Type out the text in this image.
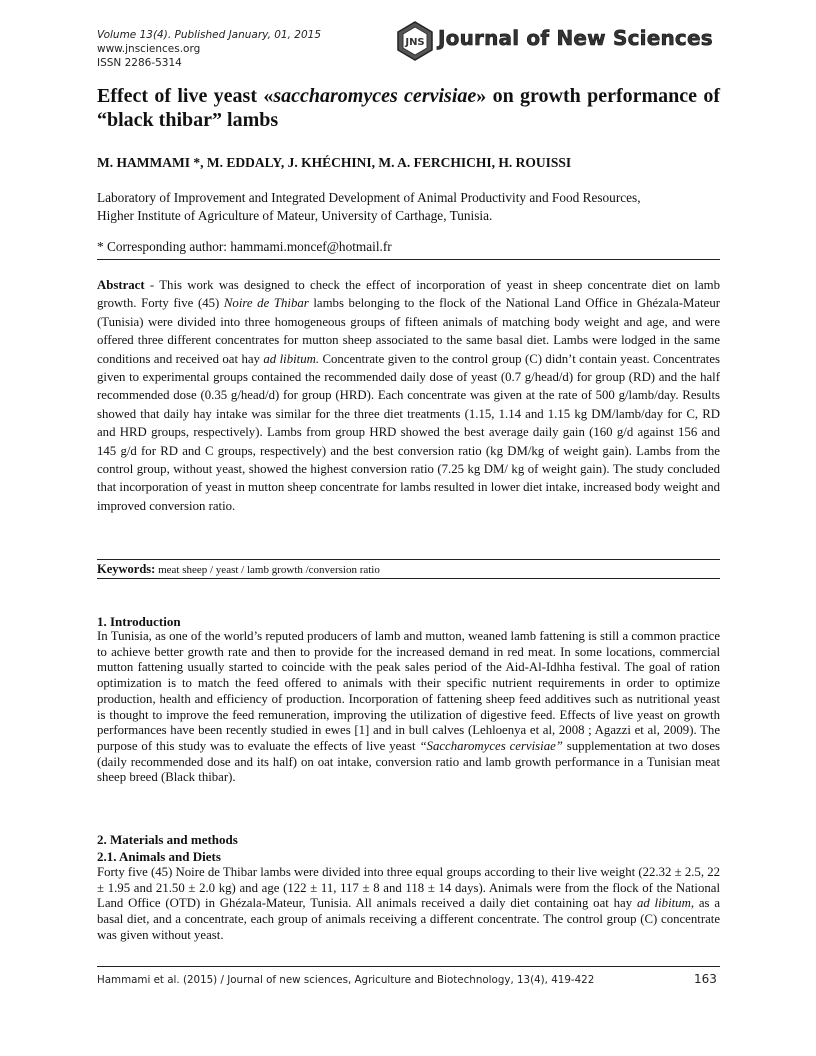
Volume 13(4). Published January, 01, 2015
www.jnsciences.org
ISSN 2286-5314
JNS Journal of New Sciences
Effect of live yeast «saccharomyces cervisiae» on growth performance of “black thibar” lambs
M. HAMMAMI *, M. EDDALY, J. KHÉCHINI, M. A. FERCHICHI, H. ROUISSI
Laboratory of Improvement and Integrated Development of Animal Productivity and Food Resources,
Higher Institute of Agriculture of Mateur, University of Carthage, Tunisia.
* Corresponding author: hammami.moncef@hotmail.fr
Abstract - This work was designed to check the effect of incorporation of yeast in sheep concentrate diet on lamb growth. Forty five (45) Noire de Thibar lambs belonging to the flock of the National Land Office in Ghézala-Mateur (Tunisia) were divided into three homogeneous groups of fifteen animals of matching body weight and age, and were offered three different concentrates for mutton sheep associated to the same basal diet. Lambs were lodged in the same conditions and received oat hay ad libitum. Concentrate given to the control group (C) didn’t contain yeast. Concentrates given to experimental groups contained the recommended daily dose of yeast (0.7 g/head/d) for group (RD) and the half recommended dose (0.35 g/head/d) for group (HRD). Each concentrate was given at the rate of 500 g/lamb/day. Results showed that daily hay intake was similar for the three diet treatments (1.15, 1.14 and 1.15 kg DM/lamb/day for C, RD and HRD groups, respectively). Lambs from group HRD showed the best average daily gain (160 g/d against 156 and 145 g/d for RD and C groups, respectively) and the best conversion ratio (kg DM/kg of weight gain). Lambs from the control group, without yeast, showed the highest conversion ratio (7.25 kg DM/ kg of weight gain). The study concluded that incorporation of yeast in mutton sheep concentrate for lambs resulted in lower diet intake, increased body weight and improved conversion ratio.
Keywords: meat sheep / yeast / lamb growth /conversion ratio
1. Introduction
In Tunisia, as one of the world’s reputed producers of lamb and mutton, weaned lamb fattening is still a common practice to achieve better growth rate and then to provide for the increased demand in red meat. In some locations, commercial mutton fattening usually started to coincide with the peak sales period of the Aid-Al-Idhha festival. The goal of ration optimization is to match the feed offered to animals with their specific nutrient requirements in order to optimize production, health and efficiency of production. Incorporation of fattening sheep feed additives such as nutritional yeast is thought to improve the feed remuneration, improving the utilization of digestive feed. Effects of live yeast on growth performances have been recently studied in ewes [1] and in bull calves (Lehloenya et al, 2008 ; Agazzi et al, 2009). The purpose of this study was to evaluate the effects of live yeast “Saccharomyces cervisiae” supplementation at two doses (daily recommended dose and its half) on oat intake, conversion ratio and lamb growth performance in a Tunisian meat sheep breed (Black thibar).
2. Materials and methods
2.1. Animals and Diets
Forty five (45) Noire de Thibar lambs were divided into three equal groups according to their live weight (22.32 ± 2.5, 22 ± 1.95 and 21.50 ± 2.0 kg) and age (122 ± 11, 117 ± 8 and 118 ± 14 days). Animals were from the flock of the National Land Office (OTD) in Ghézala-Mateur, Tunisia. All animals received a daily diet containing oat hay ad libitum, as a basal diet, and a concentrate, each group of animals receiving a different concentrate. The control group (C) concentrate was given without yeast.
Hammami et al. (2015) / Journal of new sciences, Agriculture and Biotechnology, 13(4), 419-422	163
